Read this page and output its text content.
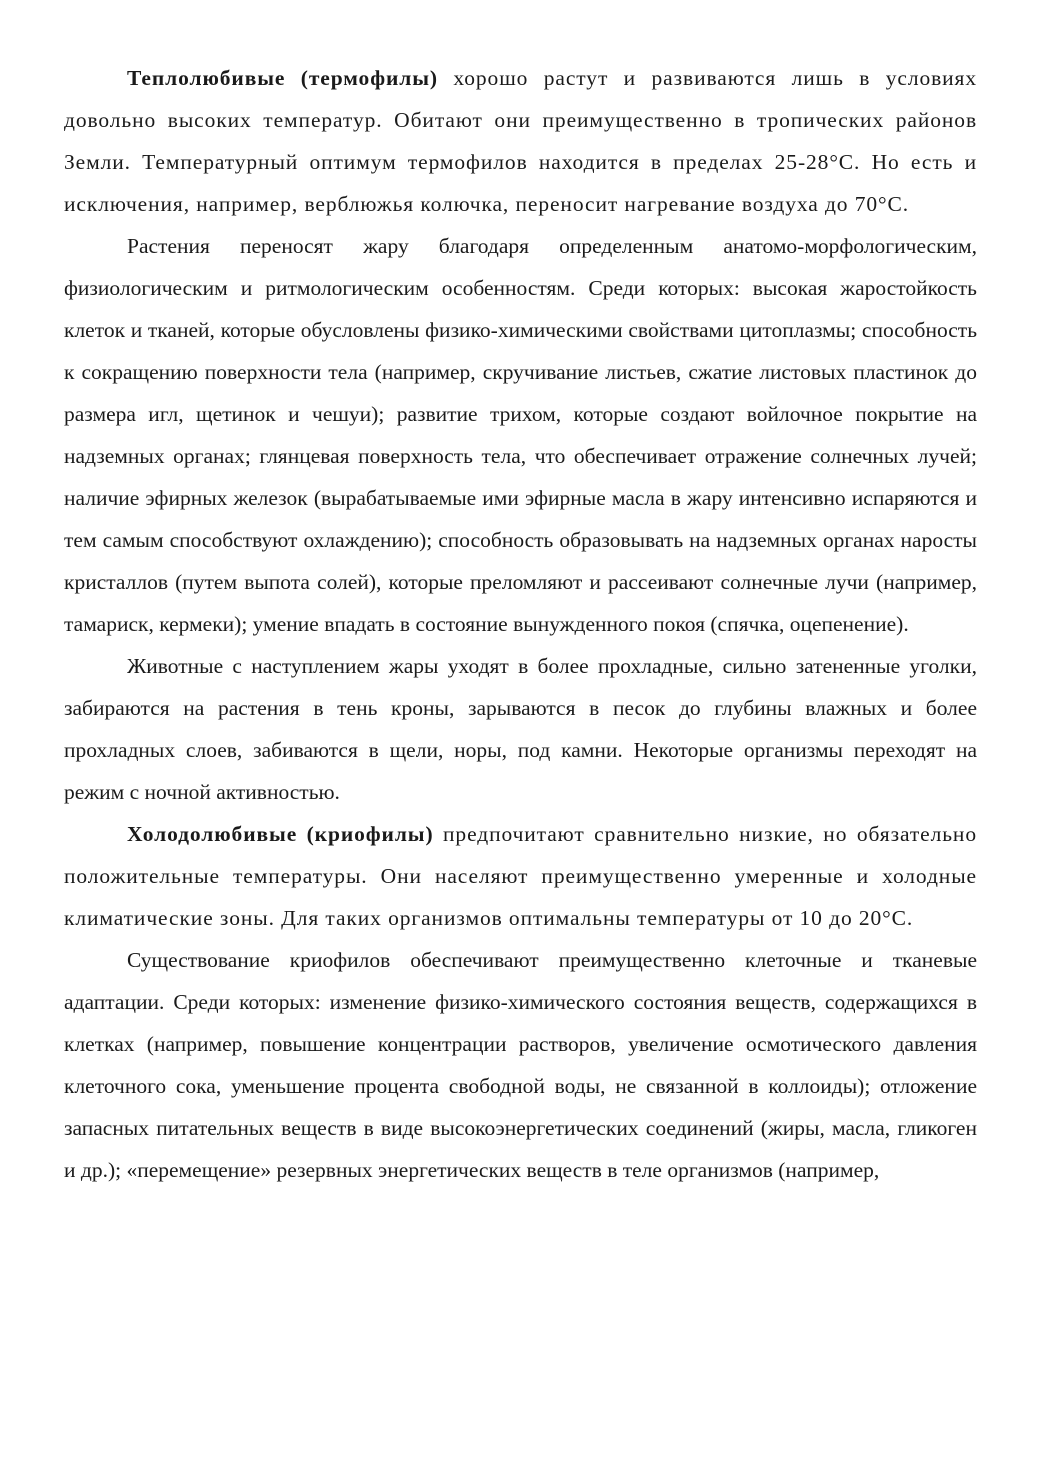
Теплолюбивые (термофилы) хорошо растут и развиваются лишь в условиях довольно высоких температур. Обитают они преимущественно в тропических районов Земли. Температурный оптимум термофилов находится в пределах 25-28°С. Но есть и исключения, например, верблюжья колючка, переносит нагревание воздуха до 70°С.

Растения переносят жару благодаря определенным анатомо-морфологическим, физиологическим и ритмологическим особенностям. Среди которых: высокая жаростойкость клеток и тканей, которые обусловлены физико-химическими свойствами цитоплазмы; способность к сокращению поверхности тела (например, скручивание листьев, сжатие листовых пластинок до размера игл, щетинок и чешуи); развитие трихом, которые создают войлочное покрытие на надземных органах; глянцевая поверхность тела, что обеспечивает отражение солнечных лучей; наличие эфирных железок (вырабатываемые ими эфирные масла в жару интенсивно испаряются и тем самым способствуют охлаждению); способность образовывать на надземных органах наросты кристаллов (путем выпота солей), которые преломляют и рассеивают солнечные лучи (например, тамариск, кермеки); умение впадать в состояние вынужденного покоя (спячка, оцепенение).

Животные с наступлением жары уходят в более прохладные, сильно затененные уголки, забираются на растения в тень кроны, зарываются в песок до глубины влажных и более прохладных слоев, забиваются в щели, норы, под камни. Некоторые организмы переходят на режим с ночной активностью.

Холодолюбивые (криофилы) предпочитают сравнительно низкие, но обязательно положительные температуры. Они населяют преимущественно умеренные и холодные климатические зоны. Для таких организмов оптимальны температуры от 10 до 20°С.

Существование криофилов обеспечивают преимущественно клеточные и тканевые адаптации. Среди которых: изменение физико-химического состояния веществ, содержащихся в клетках (например, повышение концентрации растворов, увеличение осмотического давления клеточного сока, уменьшение процента свободной воды, не связанной в коллоиды); отложение запасных питательных веществ в виде высокоэнергетических соединений (жиры, масла, гликоген и др.); «перемещение» резервных энергетических веществ в теле организмов (например,
